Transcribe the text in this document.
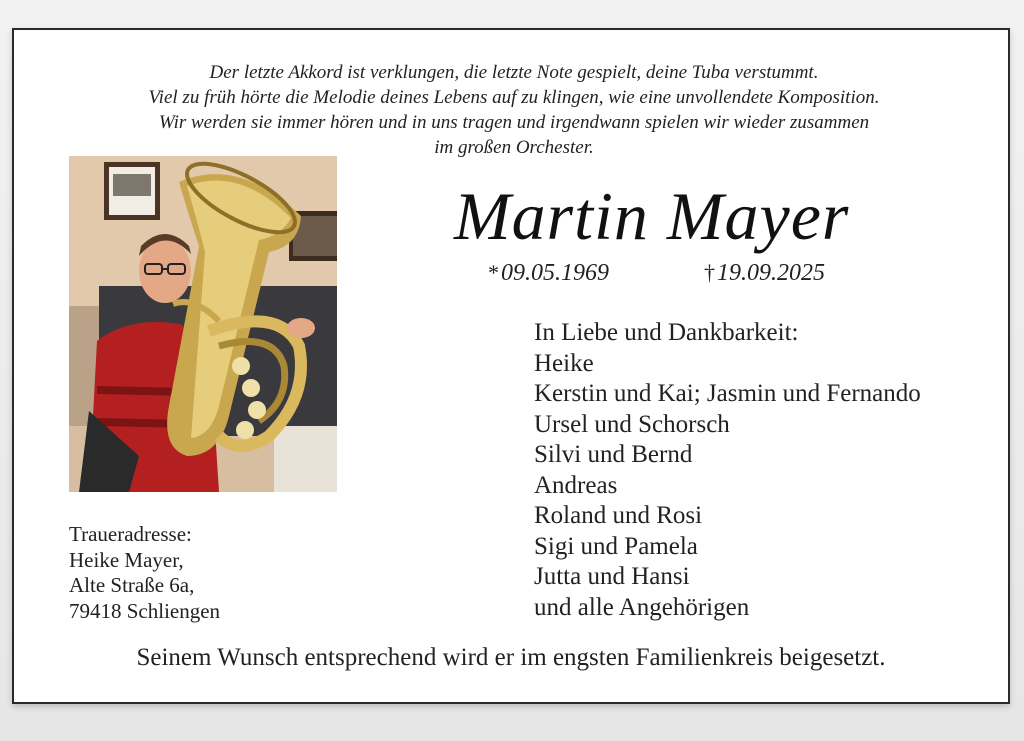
Der letzte Akkord ist verklungen, die letzte Note gespielt, deine Tuba verstummt.
Viel zu früh hörte die Melodie deines Lebens auf zu klingen, wie eine unvollendete Komposition.
Wir werden sie immer hören und in uns tragen und irgendwann spielen wir wieder zusammen
im großen Orchester.
Martin Mayer
*09.05.1969	†19.09.2025
In Liebe und Dankbarkeit:
Heike
Kerstin und Kai; Jasmin und Fernando
Ursel und Schorsch
Silvi und Bernd
Andreas
Roland und Rosi
Sigi und Pamela
Jutta und Hansi
und alle Angehörigen
Traueradresse:
Heike Mayer,
Alte Straße 6a,
79418 Schliengen
Seinem Wunsch entsprechend wird er im engsten Familienkreis beigesetzt.
